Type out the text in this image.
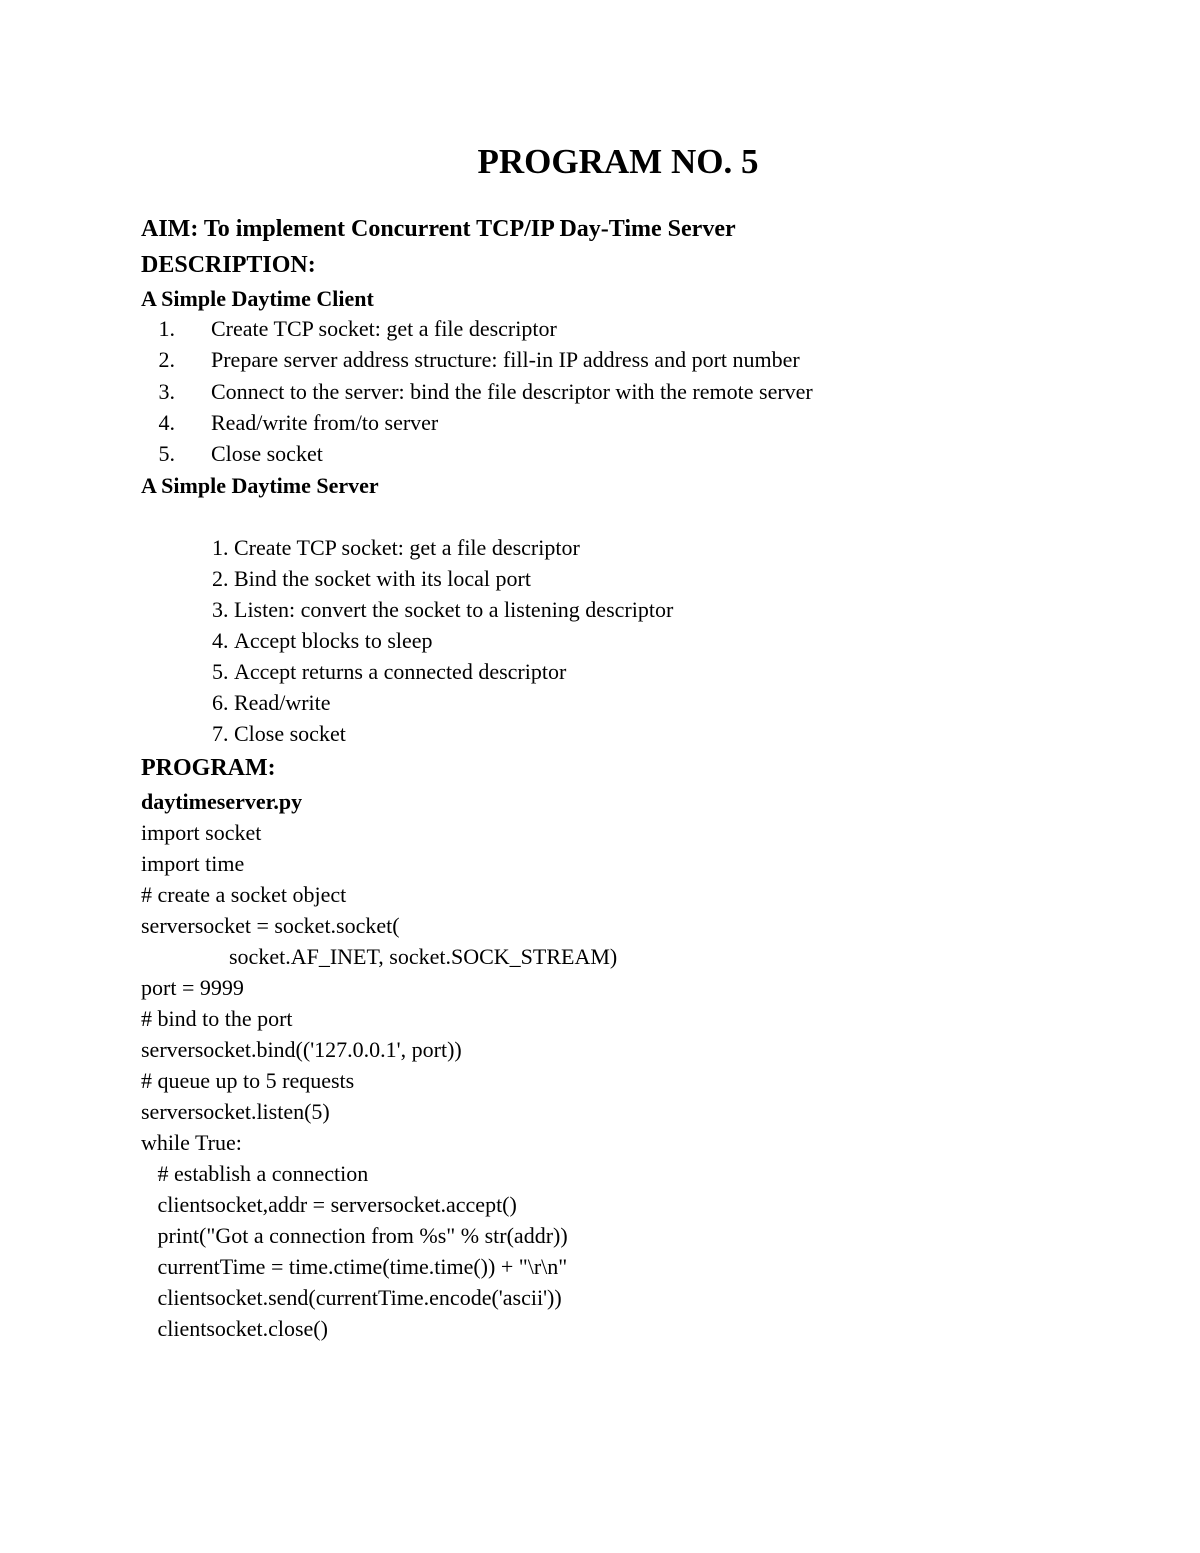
PROGRAM NO. 5
AIM: To implement Concurrent TCP/IP Day-Time Server
DESCRIPTION:
A Simple Daytime Client
1. Create TCP socket: get a file descriptor
2. Prepare server address structure: fill-in IP address and port number
3. Connect to the server: bind the file descriptor with the remote server
4. Read/write from/to server
5. Close socket
A Simple Daytime Server
1. Create TCP socket: get a file descriptor
2. Bind the socket with its local port
3. Listen: convert the socket to a listening descriptor
4. Accept blocks to sleep
5. Accept returns a connected descriptor
6. Read/write
7. Close socket
PROGRAM:
daytimeserver.py
import socket
import time
# create a socket object
serversocket = socket.socket(
socket.AF_INET, socket.SOCK_STREAM)
port = 9999
# bind to the port
serversocket.bind(('127.0.0.1', port))
# queue up to 5 requests
serversocket.listen(5)
while True:
# establish a connection
clientsocket,addr = serversocket.accept()
print("Got a connection from %s" % str(addr))
currentTime = time.ctime(time.time()) + "\r\n"
clientsocket.send(currentTime.encode('ascii'))
clientsocket.close()
